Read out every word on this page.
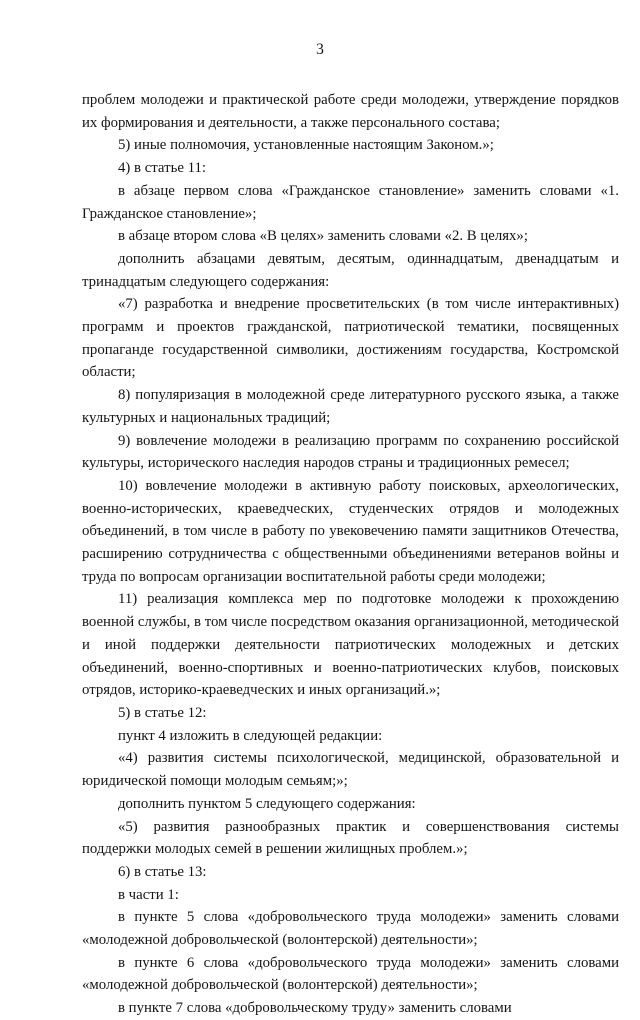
3

проблем молодежи и практической работе среди молодежи, утверждение порядков их формирования и деятельности, а также персонального состава;

5) иные полномочия, установленные настоящим Законом.»;

4) в статье 11:

в абзаце первом слова «Гражданское становление» заменить словами «1. Гражданское становление»;

в абзаце втором слова «В целях» заменить словами «2. В целях»;

дополнить абзацами девятым, десятым, одиннадцатым, двенадцатым и тринадцатым следующего содержания:

«7) разработка и внедрение просветительских (в том числе интерактивных) программ и проектов гражданской, патриотической тематики, посвященных пропаганде государственной символики, достижениям государства, Костромской области;

8) популяризация в молодежной среде литературного русского языка, а также культурных и национальных традиций;

9) вовлечение молодежи в реализацию программ по сохранению российской культуры, исторического наследия народов страны и традиционных ремесел;

10) вовлечение молодежи в активную работу поисковых, археологических, военно-исторических, краеведческих, студенческих отрядов и молодежных объединений, в том числе в работу по увековечению памяти защитников Отечества, расширению сотрудничества с общественными объединениями ветеранов войны и труда по вопросам организации воспитательной работы среди молодежи;

11) реализация комплекса мер по подготовке молодежи к прохождению военной службы, в том числе посредством оказания организационной, методической и иной поддержки деятельности патриотических молодежных и детских объединений, военно-спортивных и военно-патриотических клубов, поисковых отрядов, историко-краеведческих и иных организаций.»;

5) в статье 12:

пункт 4 изложить в следующей редакции:

«4) развития системы психологической, медицинской, образовательной и юридической помощи молодым семьям;»;

дополнить пунктом 5 следующего содержания:

«5) развития разнообразных практик и совершенствования системы поддержки молодых семей в решении жилищных проблем.»;

6) в статье 13:

в части 1:

в пункте 5 слова «добровольческого труда молодежи» заменить словами «молодежной добровольческой (волонтерской) деятельности»;

в пункте 6 слова «добровольческого труда молодежи» заменить словами «молодежной добровольческой (волонтерской) деятельности»;

в пункте 7 слова «добровольческому труду» заменить словами
